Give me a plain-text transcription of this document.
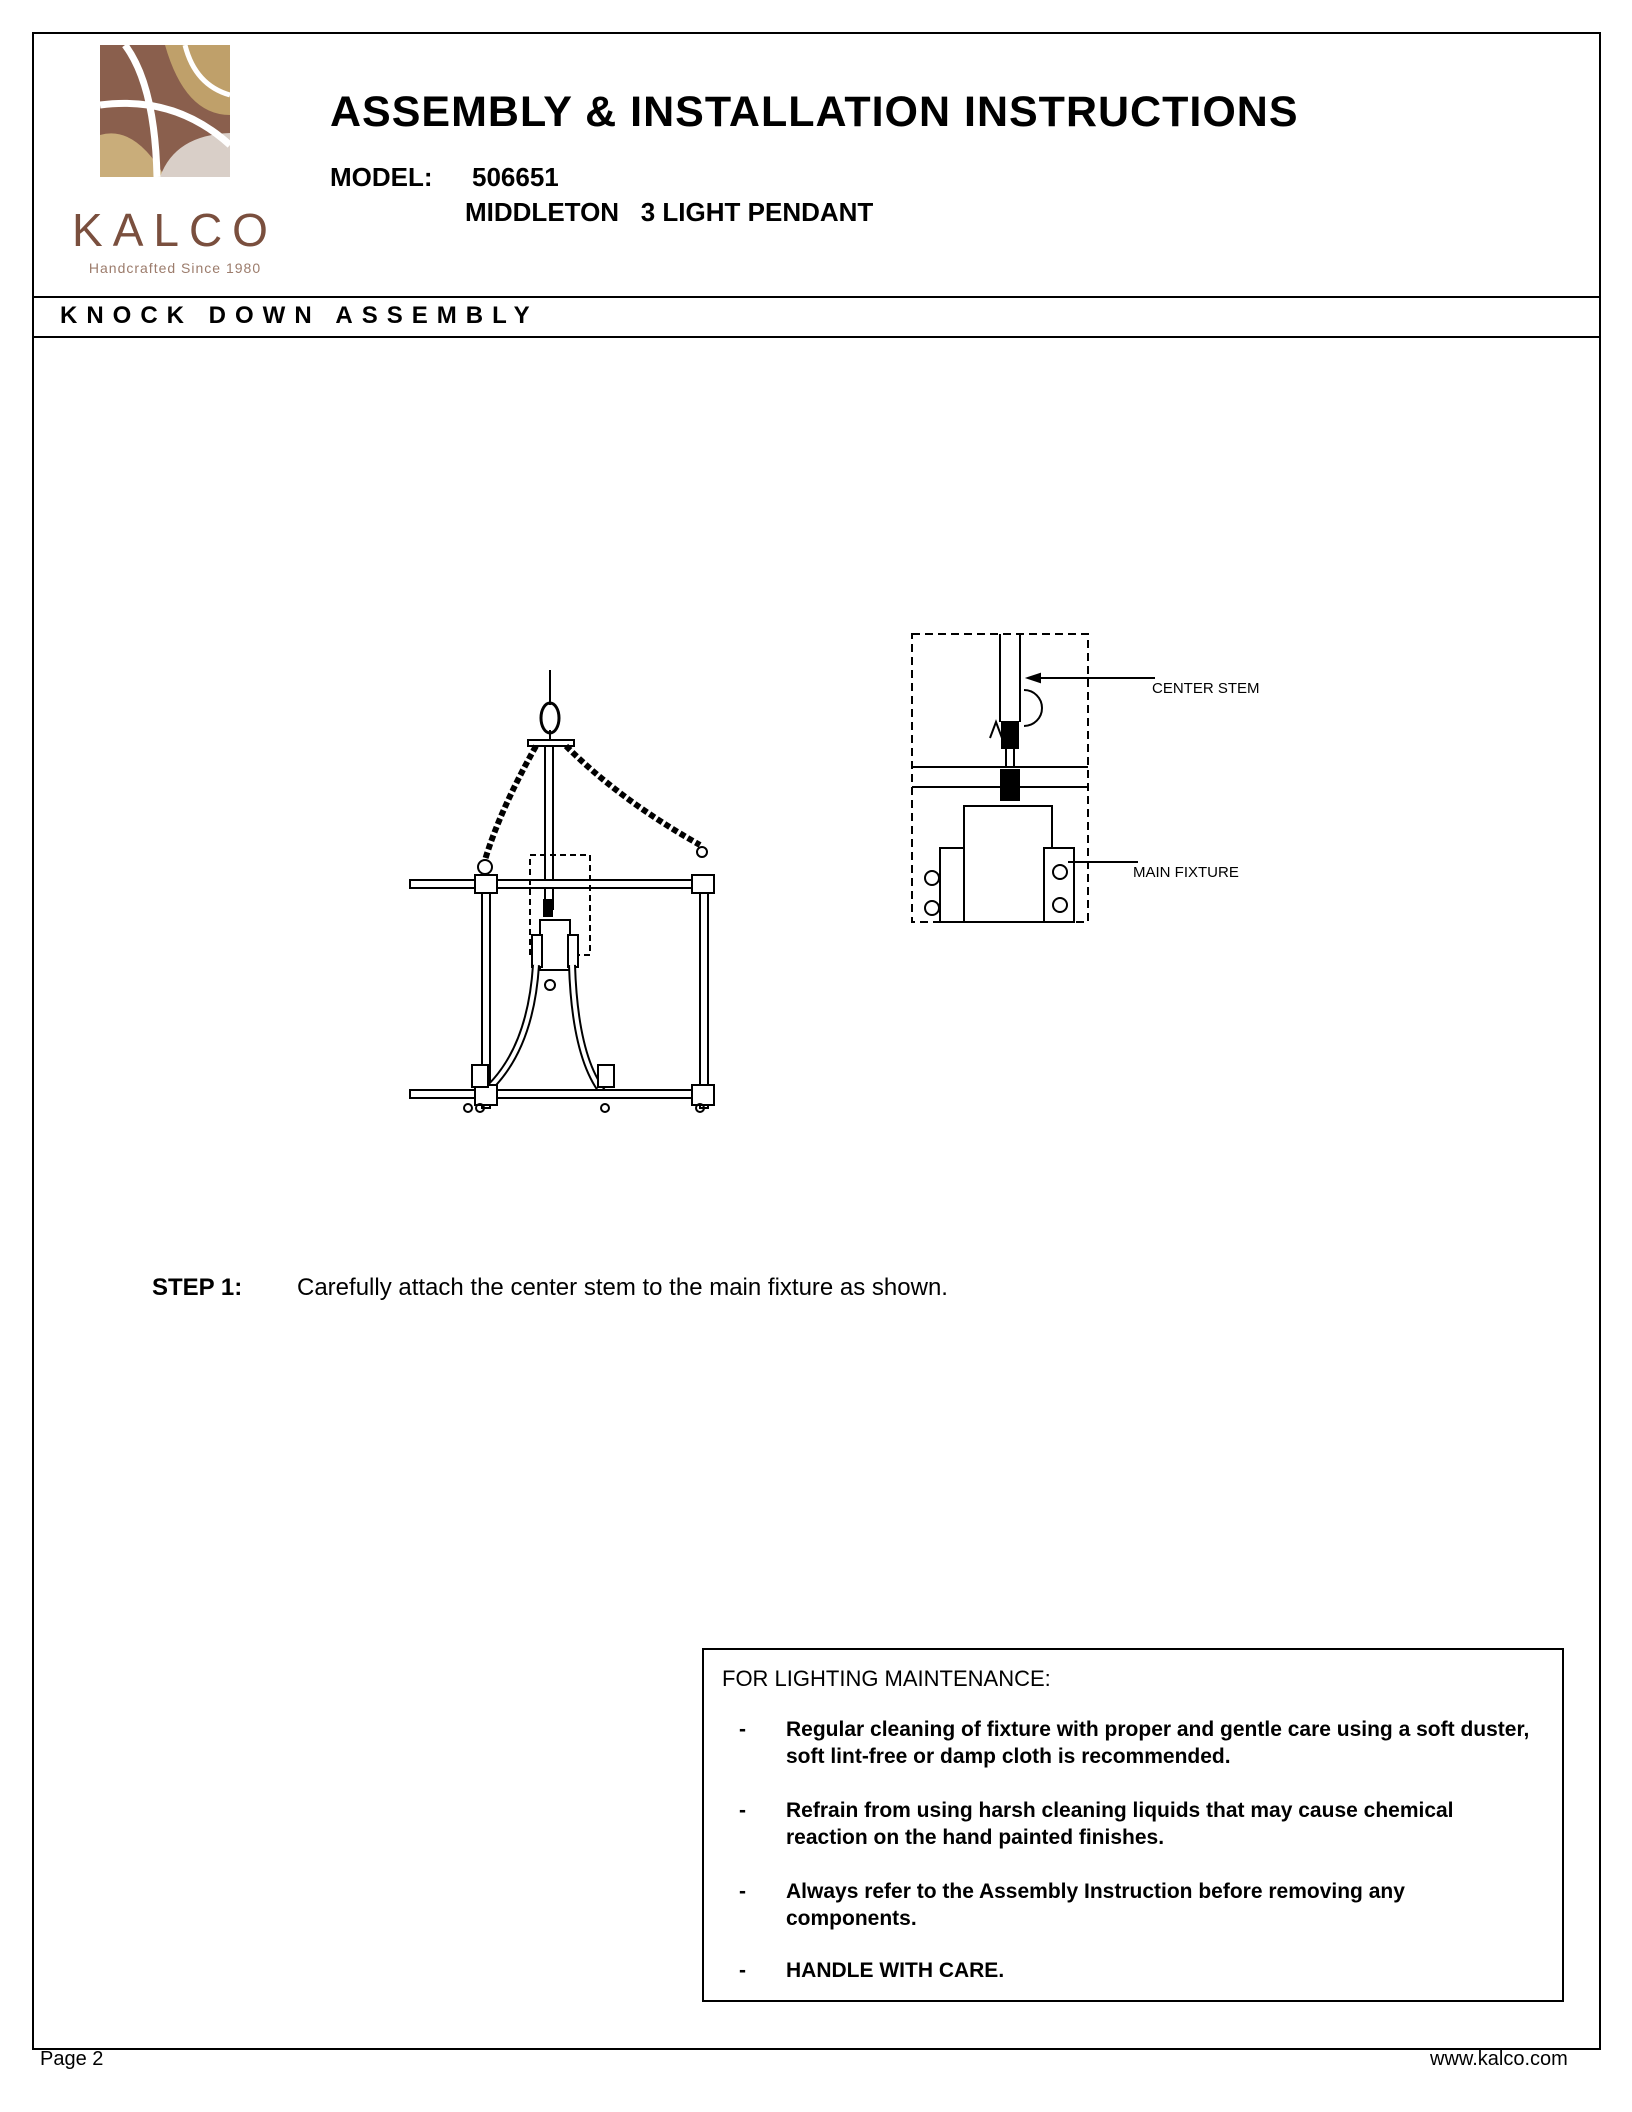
KALCO
Handcrafted Since 1980
ASSEMBLY & INSTALLATION INSTRUCTIONS
MODEL: 506651
MIDDLETON   3 LIGHT PENDANT
KNOCK DOWN ASSEMBLY
CENTER STEM
MAIN FIXTURE
STEP 1: Carefully attach the center stem to the main fixture as shown.
FOR LIGHTING MAINTENANCE:
- Regular cleaning of fixture with proper and gentle care using a soft duster, soft lint-free or damp cloth is recommended.
- Refrain from using harsh cleaning liquids that may cause chemical reaction on the hand painted finishes.
- Always refer to the Assembly Instruction before removing any components.
- HANDLE WITH CARE.
Page 2	www.kalco.com
